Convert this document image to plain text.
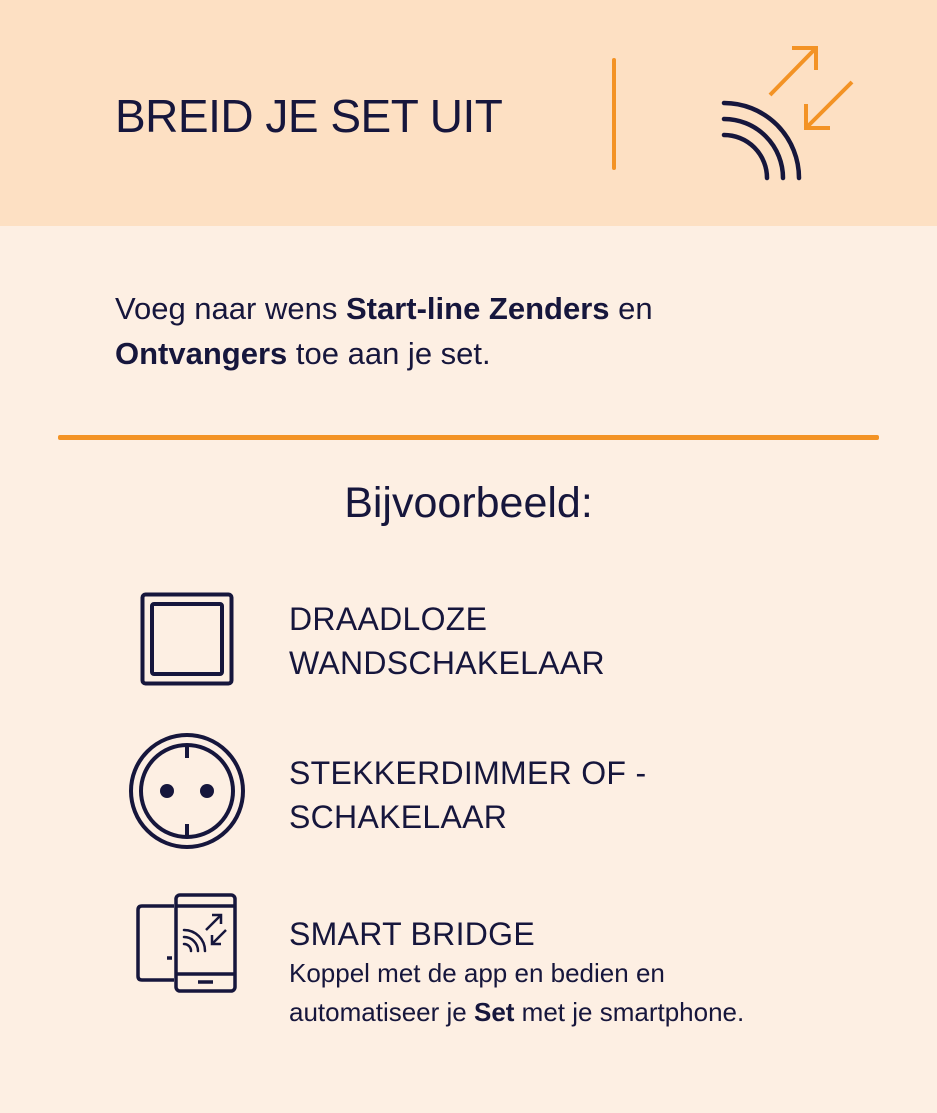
BREID JE SET UIT
Voeg naar wens Start-line Zenders en
Ontvangers toe aan je set.
Bijvoorbeeld:
DRAADLOZE
WANDSCHAKELAAR
STEKKERDIMMER OF -
SCHAKELAAR
SMART BRIDGE
Koppel met de app en bedien en
automatiseer je Set met je smartphone.
